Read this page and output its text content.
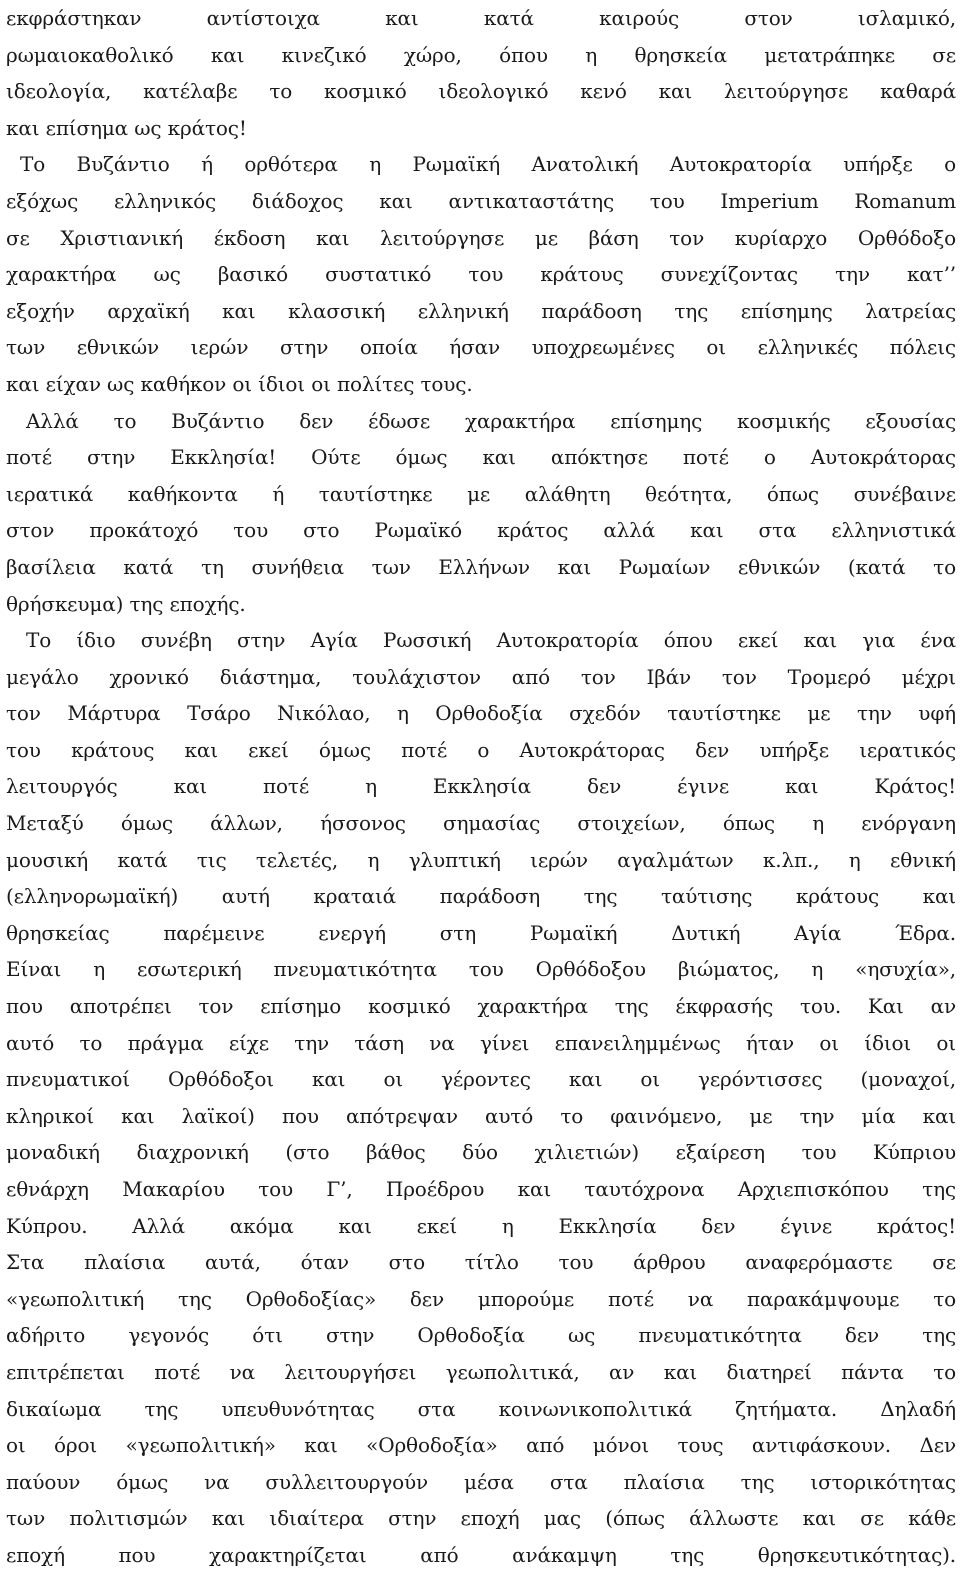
εκφράστηκαν αντίστοιχα και κατά καιρούς στον ισλαμικό,
ρωμαιοκαθολικό και κινεζικό χώρο, όπου η θρησκεία μετατράπηκε σε
ιδεολογία, κατέλαβε το κοσμικό ιδεολογικό κενό και λειτούργησε καθαρά
και επίσημα ως κράτος!
Το Βυζάντιο ή ορθότερα η Ρωμαϊκή Ανατολική Αυτοκρατορία υπήρξε ο
εξόχως ελληνικός διάδοχος και αντικαταστάτης του Imperium Romanum
σε Χριστιανική έκδοση και λειτούργησε με βάση τον κυρίαρχο Ορθόδοξο
χαρακτήρα ως βασικό συστατικό του κράτους συνεχίζοντας την κατ’’
εξοχήν αρχαϊκή και κλασσική ελληνική παράδοση της επίσημης λατρείας
των εθνικών ιερών στην οποία ήσαν υποχρεωμένες οι ελληνικές πόλεις
και είχαν ως καθήκον οι ίδιοι οι πολίτες τους.
Αλλά το Βυζάντιο δεν έδωσε χαρακτήρα επίσημης κοσμικής εξουσίας
ποτέ στην Εκκλησία! Ούτε όμως και απόκτησε ποτέ ο Αυτοκράτορας
ιερατικά καθήκοντα ή ταυτίστηκε με αλάθητη θεότητα, όπως συνέβαινε
στον προκάτοχό του στο Ρωμαϊκό κράτος αλλά και στα ελληνιστικά
βασίλεια κατά τη συνήθεια των Ελλήνων και Ρωμαίων εθνικών (κατά το
θρήσκευμα) της εποχής.
Το ίδιο συνέβη στην Αγία Ρωσσική Αυτοκρατορία όπου εκεί και για ένα
μεγάλο χρονικό διάστημα, τουλάχιστον από τον Ιβάν τον Τρομερό μέχρι
τον Μάρτυρα Τσάρο Νικόλαο, η Ορθοδοξία σχεδόν ταυτίστηκε με την υφή
του κράτους και εκεί όμως ποτέ ο Αυτοκράτορας δεν υπήρξε ιερατικός
λειτουργός και ποτέ η Εκκλησία δεν έγινε και Κράτος!
Μεταξύ όμως άλλων, ήσσονος σημασίας στοιχείων, όπως η ενόργανη
μουσική κατά τις τελετές, η γλυπτική ιερών αγαλμάτων κ.λπ., η εθνική
(ελληνορωμαϊκή) αυτή κραταιά παράδοση της ταύτισης κράτους και
θρησκείας παρέμεινε ενεργή στη Ρωμαϊκή Δυτική Αγία Έδρα.
Είναι η εσωτερική πνευματικότητα του Ορθόδοξου βιώματος, η «ησυχία»,
που αποτρέπει τον επίσημο κοσμικό χαρακτήρα της έκφρασής του. Και αν
αυτό το πράγμα είχε την τάση να γίνει επανειλημμένως ήταν οι ίδιοι οι
πνευματικοί Ορθόδοξοι και οι γέροντες και οι γερόντισσες (μοναχοί,
κληρικοί και λαϊκοί) που απότρεψαν αυτό το φαινόμενο, με την μία και
μοναδική διαχρονική (στο βάθος δύο χιλιετιών) εξαίρεση του Κύπριου
εθνάρχη Μακαρίου του Γ’, Προέδρου και ταυτόχρονα Αρχιεπισκόπου της
Κύπρου. Αλλά ακόμα και εκεί η Εκκλησία δεν έγινε κράτος!
Στα πλαίσια αυτά, όταν στο τίτλο του άρθρου αναφερόμαστε σε
«γεωπολιτική της Ορθοδοξίας» δεν μπορούμε ποτέ να παρακάμψουμε το
αδήριτο γεγονός ότι στην Ορθοδοξία ως πνευματικότητα δεν της
επιτρέπεται ποτέ να λειτουργήσει γεωπολιτικά, αν και διατηρεί πάντα το
δικαίωμα της υπευθυνότητας στα κοινωνικοπολιτικά ζητήματα. Δηλαδή
οι όροι «γεωπολιτική» και «Ορθοδοξία» από μόνοι τους αντιφάσκουν. Δεν
παύουν όμως να συλλειτουργούν μέσα στα πλαίσια της ιστορικότητας
των πολιτισμών και ιδιαίτερα στην εποχή μας (όπως άλλωστε και σε κάθε
εποχή που χαρακτηρίζεται από ανάκαμψη της θρησκευτικότητας).
